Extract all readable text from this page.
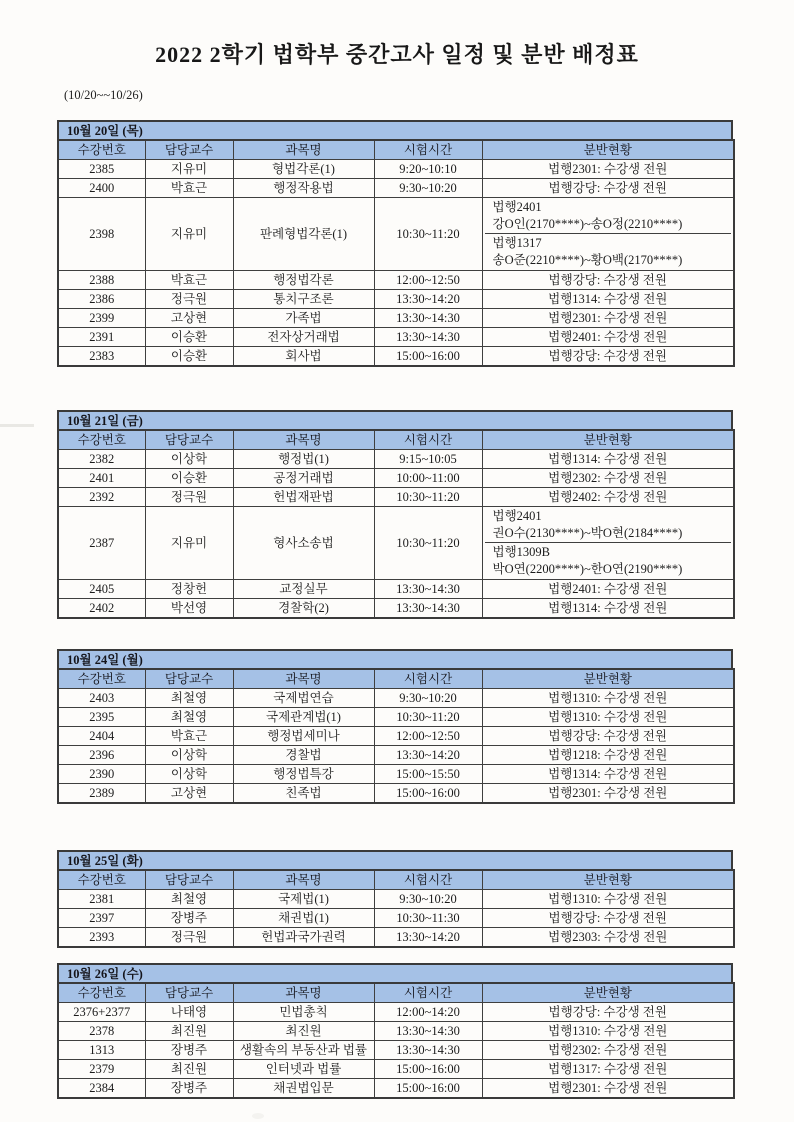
2022 2학기 법학부 중간고사 일정 및 분반 배정표
(10/20~~10/26)
10월 20일 (목)
수강번호	담당교수	과목명	시험시간	분반현황
2385	지유미	형법각론(1)	9:20~10:10	법행2301: 수강생 전원
2400	박효근	행정작용법	9:30~10:20	법행강당: 수강생 전원
2398	지유미	판례형법각론(1)	10:30~11:20	법행2401
강O인(2170****)~송O정(2210****)
법행1317
송O준(2210****)~황O백(2170****)

2388	박효근	행정법각론	12:00~12:50	법행강당: 수강생 전원
2386	정극원	통치구조론	13:30~14:20	법행1314: 수강생 전원
2399	고상현	가족법	13:30~14:30	법행2301: 수강생 전원
2391	이승환	전자상거래법	13:30~14:30	법행2401: 수강생 전원
2383	이승환	회사법	15:00~16:00	법행강당: 수강생 전원
10월 21일 (금)
수강번호	담당교수	과목명	시험시간	분반현황
2382	이상학	행정법(1)	9:15~10:05	법행1314: 수강생 전원
2401	이승환	공정거래법	10:00~11:00	법행2302: 수강생 전원
2392	정극원	헌법재판법	10:30~11:20	법행2402: 수강생 전원
2387	지유미	형사소송법	10:30~11:20	법행2401
권O수(2130****)~박O현(2184****)
법행1309B
박O연(2200****)~한O연(2190****)

2405	정창헌	교정실무	13:30~14:30	법행2401: 수강생 전원
2402	박선영	경찰학(2)	13:30~14:30	법행1314: 수강생 전원
10월 24일 (월)
수강번호	담당교수	과목명	시험시간	분반현황
2403	최철영	국제법연습	9:30~10:20	법행1310: 수강생 전원
2395	최철영	국제관계법(1)	10:30~11:20	법행1310: 수강생 전원
2404	박효근	행정법세미나	12:00~12:50	법행강당: 수강생 전원
2396	이상학	경찰법	13:30~14:20	법행1218: 수강생 전원
2390	이상학	행정법특강	15:00~15:50	법행1314: 수강생 전원
2389	고상현	친족법	15:00~16:00	법행2301: 수강생 전원
10월 25일 (화)
수강번호	담당교수	과목명	시험시간	분반현황
2381	최철영	국제법(1)	9:30~10:20	법행1310: 수강생 전원
2397	장병주	채권법(1)	10:30~11:30	법행강당: 수강생 전원
2393	정극원	헌법과국가권력	13:30~14:20	법행2303: 수강생 전원
10월 26일 (수)
수강번호	담당교수	과목명	시험시간	분반현황
2376+2377	나태영	민법총칙	12:00~14:20	법행강당: 수강생 전원
2378	최진원	최진원	13:30~14:30	법행1310: 수강생 전원
1313	장병주	생활속의 부동산과 법률	13:30~14:30	법행2302: 수강생 전원
2379	최진원	인터넷과 법률	15:00~16:00	법행1317: 수강생 전원
2384	장병주	채권법입문	15:00~16:00	법행2301: 수강생 전원
